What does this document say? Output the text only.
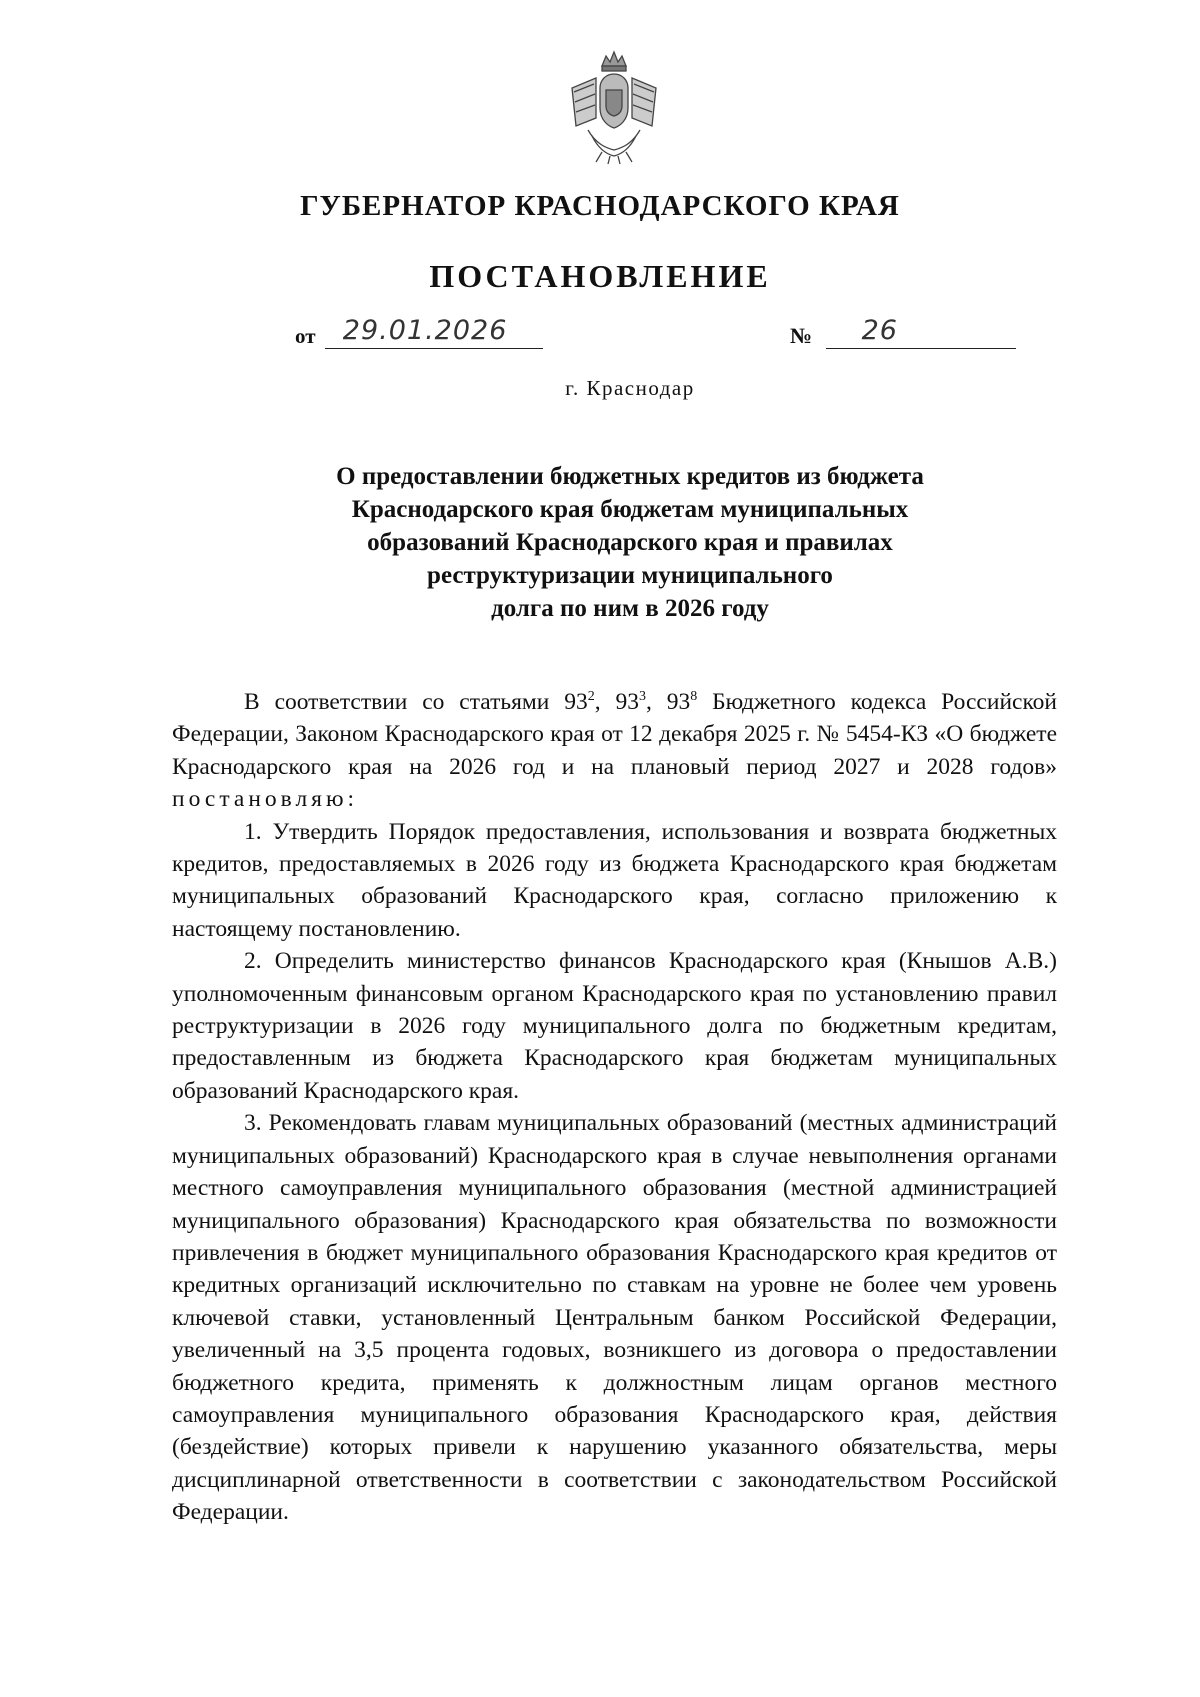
ГУБЕРНАТОР КРАСНОДАРСКОГО КРАЯ
ПОСТАНОВЛЕНИЕ
от 29.01.2026	№ 26
г. Краснодар
О предоставлении бюджетных кредитов из бюджета
Краснодарского края бюджетам муниципальных
образований Краснодарского края и правилах
реструктуризации муниципального
долга по ним в 2026 году

В соответствии со статьями $93^2$, $93^3$, $93^8$ Бюджетного кодекса Российской Федерации, Законом Краснодарского края от 12 декабря 2025 г. № 5454-КЗ «О бюджете Краснодарского края на 2026 год и на плановый период 2027 и 2028 годов» постановляю:

1. Утвердить Порядок предоставления, использования и возврата бюджетных кредитов, предоставляемых в 2026 году из бюджета Краснодарского края бюджетам муниципальных образований Краснодарского края, согласно приложению к настоящему постановлению.

2. Определить министерство финансов Краснодарского края (Кнышов А.В.) уполномоченным финансовым органом Краснодарского края по установлению правил реструктуризации в 2026 году муниципального долга по бюджетным кредитам, предоставленным из бюджета Краснодарского края бюджетам муниципальных образований Краснодарского края.

3. Рекомендовать главам муниципальных образований (местных администраций муниципальных образований) Краснодарского края в случае невыполнения органами местного самоуправления муниципального образования (местной администрацией муниципального образования) Краснодарского края обязательства по возможности привлечения в бюджет муниципального образования Краснодарского края кредитов от кредитных организаций исключительно по ставкам на уровне не более чем уровень ключевой ставки, установленный Центральным банком Российской Федерации, увеличенный на 3,5 процента годовых, возникшего из договора о предоставлении бюджетного кредита, применять к должностным лицам органов местного самоуправления муниципального образования Краснодарского края, действия (бездействие) которых привели к нарушению указанного обязательства, меры дисциплинарной ответственности в соответствии с законодательством Российской Федерации.
